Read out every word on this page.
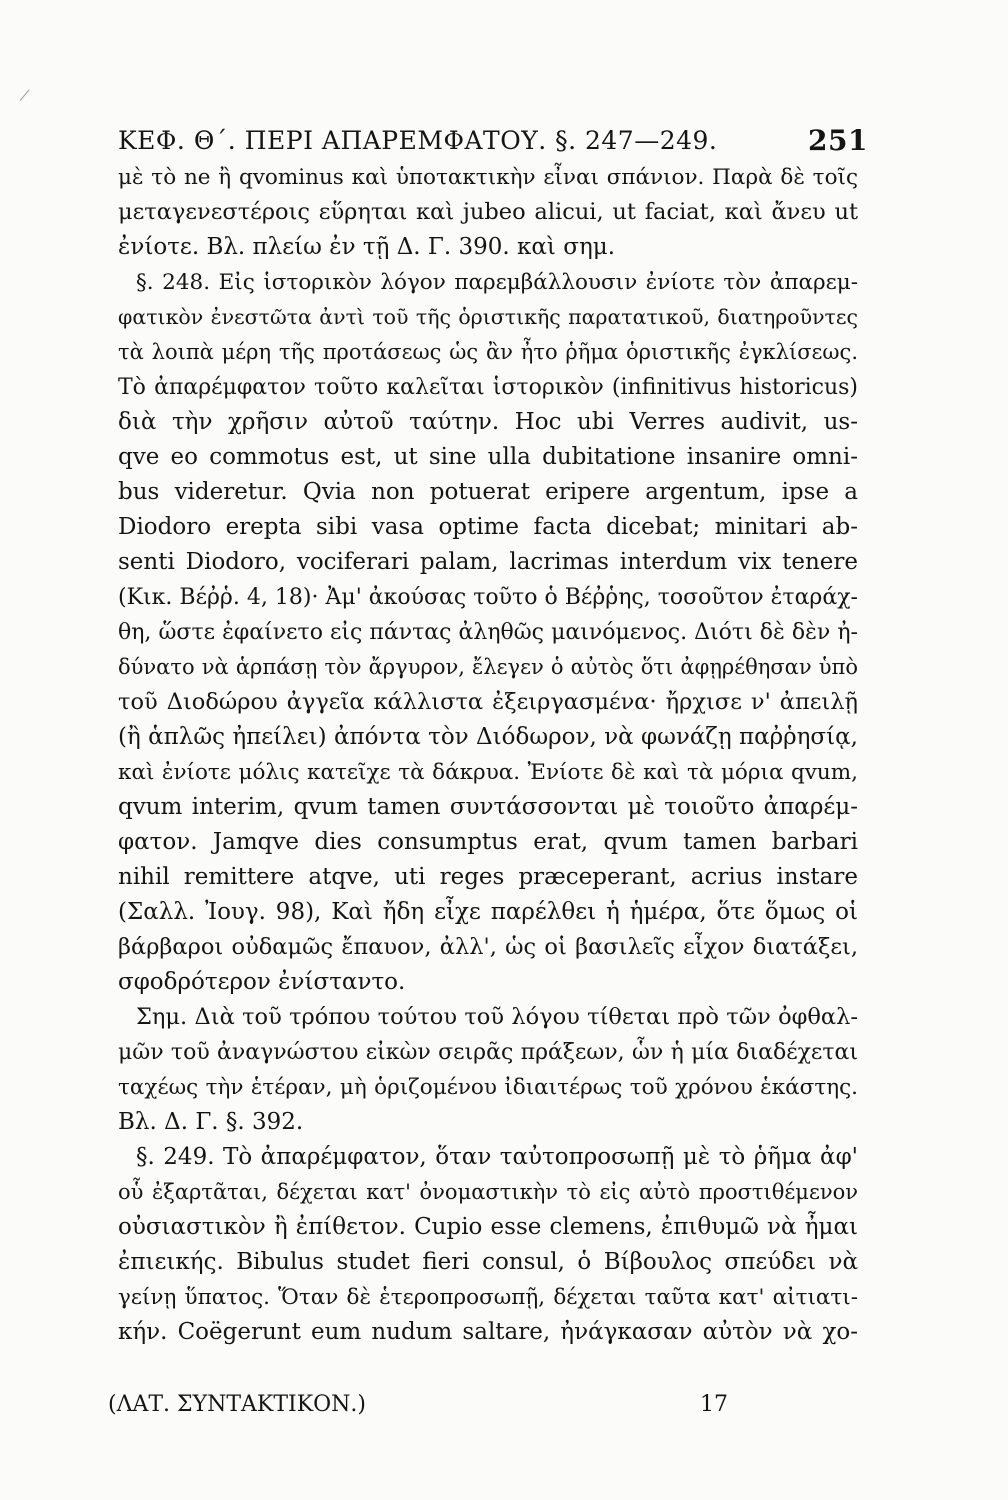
ΚΕΦ. Θ΄. ΠΕΡΙ ΑΠΑΡΕΜΦΑΤΟΥ. §. 247—249.	251
μὲ τὸ ne ἢ qvominus καὶ ὑποτακτικὴν εἶναι σπάνιον. Παρὰ δὲ τοῖς
μεταγενεστέροις εὕρηται καὶ jubeo alicui, ut faciat, καὶ ἄνευ ut
ἐνίοτε. Βλ. πλείω ἐν τῇ Δ. Γ. 390. καὶ σημ.
§. 248. Εἰς ἱστορικὸν λόγον παρεμβάλλουσιν ἐνίοτε τὸν ἀπαρεμ-
φατικὸν ἐνεστῶτα ἀντὶ τοῦ τῆς ὁριστικῆς παρατατικοῦ, διατηροῦντες
τὰ λοιπὰ μέρη τῆς προτάσεως ὡς ἂν ἦτο ῥῆμα ὁριστικῆς ἐγκλίσεως.
Τὸ ἀπαρέμφατον τοῦτο καλεῖται ἱστορικὸν (infinitivus historicus)
διὰ τὴν χρῆσιν αὐτοῦ ταύτην. Hoc ubi Verres audivit, us-
qve eo commotus est, ut sine ulla dubitatione insanire omni-
bus videretur. Qvia non potuerat eripere argentum, ipse a
Diodoro erepta sibi vasa optime facta dicebat; minitari ab-
senti Diodoro, vociferari palam, lacrimas interdum vix tenere
(Κικ. Βέῤῥ. 4, 18)· Ἀμ' ἀκούσας τοῦτο ὁ Βέῤῥης, τοσοῦτον ἐταράχ-
θη, ὥστε ἐφαίνετο εἰς πάντας ἀληθῶς μαινόμενος. Διότι δὲ δὲν ἠ-
δύνατο νὰ ἁρπάσῃ τὸν ἄργυρον, ἔλεγεν ὁ αὐτὸς ὅτι ἀφῃρέθησαν ὑπὸ
τοῦ Διοδώρου ἀγγεῖα κάλλιστα ἐξειργασμένα· ἤρχισε ν' ἀπειλῇ
(ἢ ἁπλῶς ἠπείλει) ἀπόντα τὸν Διόδωρον, νὰ φωνάζῃ παῤῥησίᾳ,
καὶ ἐνίοτε μόλις κατεῖχε τὰ δάκρυα. Ἐνίοτε δὲ καὶ τὰ μόρια qvum,
qvum interim, qvum tamen συντάσσονται μὲ τοιοῦτο ἀπαρέμ-
φατον. Jamqve dies consumptus erat, qvum tamen barbari
nihil remittere atqve, uti reges præceperant, acrius instare
(Σαλλ. Ἰουγ. 98), Καὶ ἤδη εἶχε παρέλθει ἡ ἡμέρα, ὅτε ὅμως οἱ
βάρβαροι οὐδαμῶς ἔπαυον, ἀλλ', ὡς οἱ βασιλεῖς εἶχον διατάξει,
σφοδρότερον ἐνίσταντο.
Σημ. Διὰ τοῦ τρόπου τούτου τοῦ λόγου τίθεται πρὸ τῶν ὀφθαλ-
μῶν τοῦ ἀναγνώστου εἰκὼν σειρᾶς πράξεων, ὧν ἡ μία διαδέχεται
ταχέως τὴν ἑτέραν, μὴ ὁριζομένου ἰδιαιτέρως τοῦ χρόνου ἑκάστης.
Βλ. Δ. Γ. §. 392.
§. 249. Τὸ ἀπαρέμφατον, ὅταν ταὐτοπροσωπῇ μὲ τὸ ῥῆμα ἀφ'
οὗ ἐξαρτᾶται, δέχεται κατ' ὀνομαστικὴν τὸ εἰς αὐτὸ προστιθέμενον
οὐσιαστικὸν ἢ ἐπίθετον. Cupio esse clemens, ἐπιθυμῶ νὰ ἦμαι
ἐπιεικής. Bibulus studet fieri consul, ὁ Βίβουλος σπεύδει νὰ
γείνῃ ὕπατος. Ὅταν δὲ ἑτεροπροσωπῇ, δέχεται ταῦτα κατ' αἰτιατι-
κήν. Coëgerunt eum nudum saltare, ἠνάγκασαν αὐτὸν νὰ χο-
(ΛΑΤ. ΣΥΝΤΑΚΤΙΚΟΝ.)	17
